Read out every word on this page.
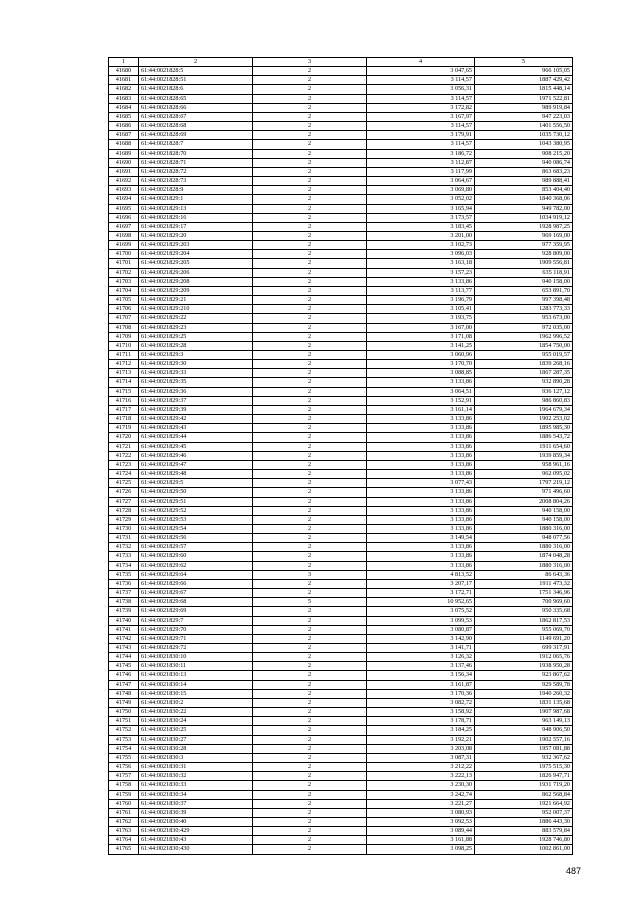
1	2	3	4	5
41680	61:44:0021828:5	2	3 047,65	966 105,05
41681	61:44:0021828:51	2	3 114,57	1887 429,42
41682	61:44:0021828:6	2	3 056,31	1815 448,14
41683	61:44:0021828:65	2	3 114,57	1971 522,81
41684	61:44:0021828:66	2	3 172,82	989 919,84
41685	61:44:0021828:67	2	3 167,97	947 223,03
41686	61:44:0021828:68	2	3 114,57	1401 556,50
41687	61:44:0021828:69	2	3 179,91	1035 730,12
41688	61:44:0021828:7	2	3 114,57	1043 380,95
41689	61:44:0021828:70	2	3 186,72	908 215,20
41690	61:44:0021828:71	2	3 112,87	940 086,74
41691	61:44:0021828:72	2	3 117,99	863 683,23
41692	61:44:0021828:73	2	3 064,67	989 888,41
41693	61:44:0021828:9	2	3 069,80	853 404,40
41694	61:44:0021829:1	2	3 052,02	1840 368,06
41695	61:44:0021829:13	2	3 165,94	949 782,00
41696	61:44:0021829:16	2	3 173,57	1034 919,12
41697	61:44:0021829:17	2	3 183,45	1928 987,25
41698	61:44:0021829:20	2	3 201,00	969 169,00
41699	61:44:0021829:203	2	3 102,73	977 359,95
41700	61:44:0021829:204	2	3 096,03	928 809,00
41701	61:44:0021829:205	2	3 163,18	1909 556,81
41702	61:44:0021829:206	2	3 157,23	635 118,91
41703	61:44:0021829:208	2	3 133,86	940 158,00
41704	61:44:0021829:209	2	3 113,77	653 891,70
41705	61:44:0021829:21	2	3 196,79	997 398,48
41706	61:44:0021829:210	2	3 105,41	1283 773,33
41707	61:44:0021829:22	2	3 193,75	953 673,00
41708	61:44:0021829:23	2	3 167,00	972 035,00
41709	61:44:0021829:25	2	3 171,08	1962 996,52
41710	61:44:0021829:28	2	3 141,25	1854 750,00
41711	61:44:0021829:3	2	3 060,96	955 019,57
41712	61:44:0021829:30	2	3 170,70	1839 268,16
41713	61:44:0021829:33	2	3 088,85	1867 287,35
41714	61:44:0021829:35	2	3 133,86	932 890,28
41715	61:44:0021829:36	2	3 064,51	936 127,12
41716	61:44:0021829:37	2	3 152,91	986 860,83
41717	61:44:0021829:39	2	3 161,14	1964 679,34
41718	61:44:0021829:42	2	3 133,86	1902 253,02
41719	61:44:0021829:43	2	3 133,86	1895 985,30
41720	61:44:0021829:44	2	3 133,86	1886 543,72
41721	61:44:0021829:45	2	3 133,86	1911 654,60
41722	61:44:0021829:46	2	3 133,86	1939 859,34
41723	61:44:0021829:47	2	3 133,86	958 961,16
41724	61:44:0021829:48	2	3 133,86	962 095,02
41725	61:44:0021829:5	2	3 077,43	1797 219,12
41726	61:44:0021829:50	2	3 133,86	971 496,60
41727	61:44:0021829:51	2	3 133,86	2008 804,26
41728	61:44:0021829:52	2	3 133,86	940 158,00
41729	61:44:0021829:53	2	3 133,86	940 158,00
41730	61:44:0021829:54	2	3 133,86	1880 316,00
41731	61:44:0021829:56	2	3 149,54	948 077,56
41732	61:44:0021829:57	2	3 133,86	1880 316,00
41733	61:44:0021829:60	2	3 133,86	1874 048,28
41734	61:44:0021829:62	2	3 133,86	1880 316,00
41735	61:44:0021829:64	3	4 813,52	86 643,36
41736	61:44:0021829:66	2	3 207,17	1911 473,32
41737	61:44:0021829:67	2	3 172,71	1751 346,96
41738	61:44:0021829:68	5	10 952,65	700 969,60
41739	61:44:0021829:69	2	3 075,52	950 335,68
41740	61:44:0021829:7	2	3 099,53	1862 817,53
41741	61:44:0021829:70	2	3 080,87	955 069,70
41742	61:44:0021829:71	2	3 142,90	1149 691,20
41743	61:44:0021829:72	2	3 141,71	699 317,91
41744	61:44:0021830:10	2	3 126,32	1912 065,76
41745	61:44:0021830:11	2	3 137,46	1938 950,28
41746	61:44:0021830:13	2	3 156,34	923 867,62
41747	61:44:0021830:14	2	3 161,87	929 589,78
41748	61:44:0021830:15	2	3 170,36	1940 260,32
41749	61:44:0021830:2	2	3 082,72	1831 135,68
41750	61:44:0021830:22	2	3 158,92	1907 987,68
41751	61:44:0021830:24	2	3 178,71	963 149,13
41752	61:44:0021830:25	2	3 184,25	948 906,50
41753	61:44:0021830:27	2	3 192,21	1902 557,16
41754	61:44:0021830:28	2	3 203,08	1957 081,88
41755	61:44:0021830:3	2	3 087,31	932 367,62
41756	61:44:0021830:31	2	3 212,22	1975 515,30
41757	61:44:0021830:32	2	3 222,13	1826 947,71
41758	61:44:0021830:33	2	3 230,30	1931 719,20
41759	61:44:0021830:34	2	3 242,74	862 568,84
41760	61:44:0021830:37	2	3 221,27	1921 664,92
41761	61:44:0021830:39	2	3 080,93	952 007,37
41762	61:44:0021830:40	2	3 092,53	1886 443,30
41763	61:44:0021830:429	2	3 089,44	883 579,84
41764	61:44:0021830:43	2	3 161,88	1928 746,80
41765	61:44:0021830:430	2	3 098,25	1002 861,00
487
